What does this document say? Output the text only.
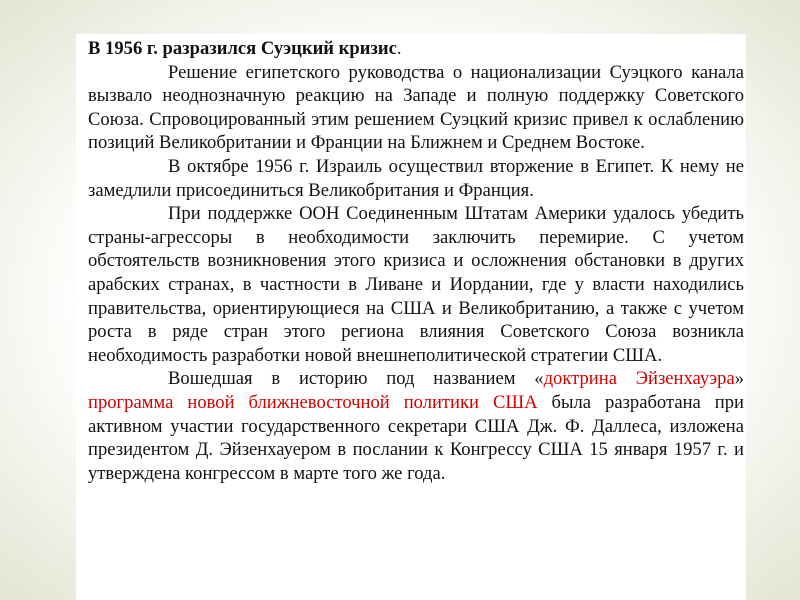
В 1956 г. разразился Суэцкий кризис.

Решение египетского руководства о национализации Суэцкого канала вызвало неоднозначную реакцию на Западе и полную поддержку Советского Союза. Спровоцированный этим решением Суэцкий кризис привел к ослаблению позиций Великобритании и Франции на Ближнем и Среднем Востоке.

В октябре 1956 г. Израиль осуществил вторжение в Египет. К нему не замедлили присоединиться Великобритания и Франция.

При поддержке ООН Соединенным Штатам Америки удалось убедить страны-агрессоры в необходимости заключить перемирие. С учетом обстоятельств возникновения этого кризиса и осложнения обстановки в других арабских странах, в частности в Ливане и Иордании, где у власти находились правительства, ориентирующиеся на США и Великобританию, а также с учетом роста в ряде стран этого региона влияния Советского Союза возникла необходимость разработки новой внешнеполитической стратегии США.

Вошедшая в историю под названием «доктрина Эйзенхауэра» программа новой ближневосточной политики США была разработана при активном участии государственного секретари США Дж. Ф. Даллеса, изложена президентом Д. Эйзенхауером в послании к Конгрессу США 15 января 1957 г. и утверждена конгрессом в марте того же года.
